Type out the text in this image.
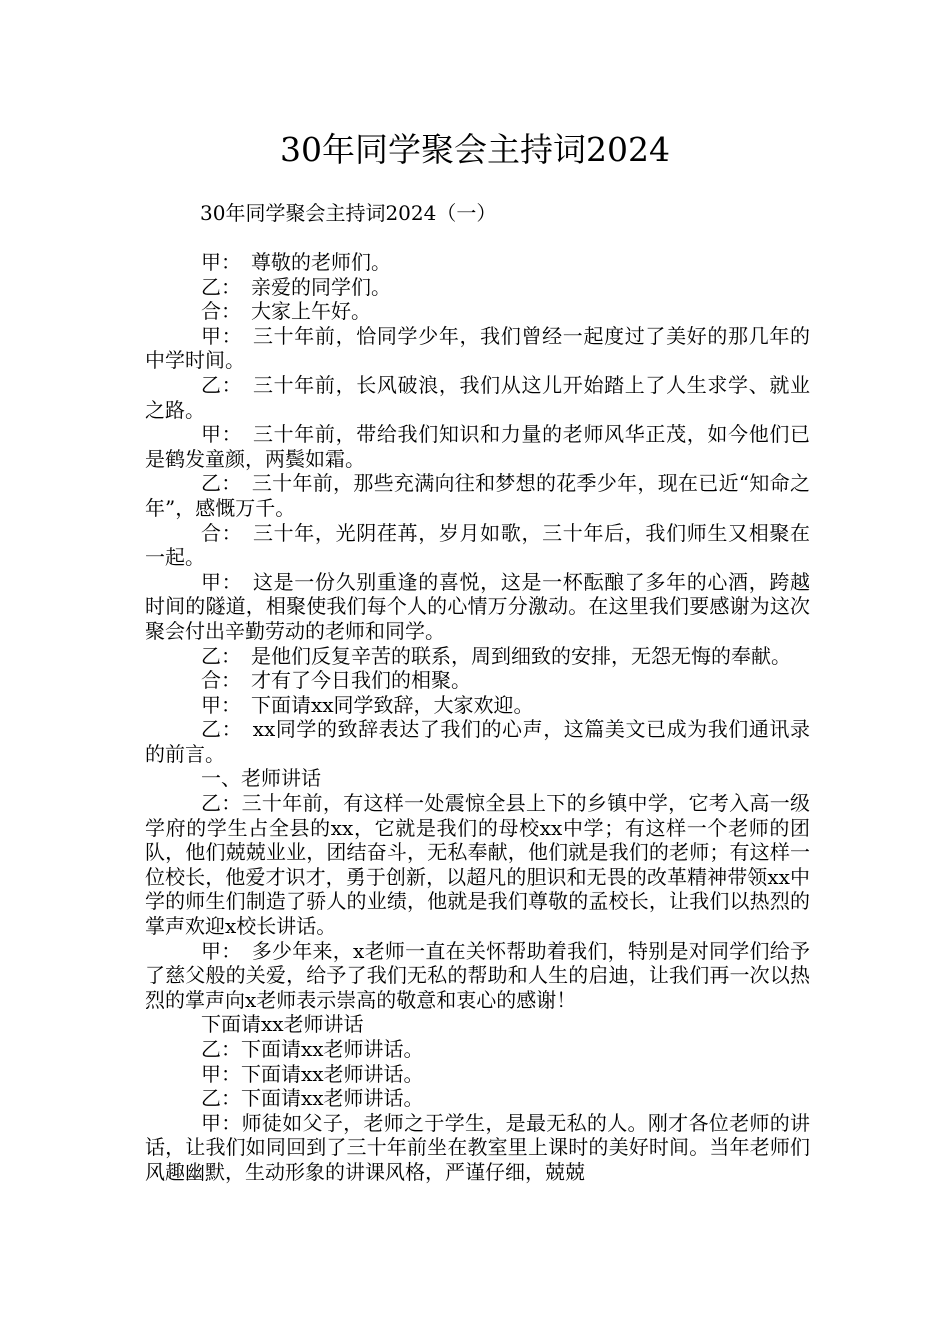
30年同学聚会主持词2024
30年同学聚会主持词2024（一）

甲：　尊敬的老师们。

乙：　亲爱的同学们。

合：　大家上午好。

甲：　三十年前，恰同学少年，我们曾经一起度过了美好的那几年的中学时间。

乙：　三十年前，长风破浪，我们从这儿开始踏上了人生求学、就业之路。

甲：　三十年前，带给我们知识和力量的老师风华正茂，如今他们已是鹤发童颜，两鬓如霜。

乙：　三十年前，那些充满向往和梦想的花季少年，现在已近“知命之年”，感慨万千。

合：　三十年，光阴荏苒，岁月如歌，三十年后，我们师生又相聚在一起。

甲：　这是一份久别重逢的喜悦，这是一杯酝酿了多年的心酒，跨越时间的隧道，相聚使我们每个人的心情万分激动。在这里我们要感谢为这次聚会付出辛勤劳动的老师和同学。

乙：　是他们反复辛苦的联系，周到细致的安排，无怨无悔的奉献。

合：　才有了今日我们的相聚。

甲：　下面请xx同学致辞，大家欢迎。

乙：　xx同学的致辞表达了我们的心声，这篇美文已成为我们通讯录的前言。

一、老师讲话

乙：三十年前，有这样一处震惊全县上下的乡镇中学，它考入高一级学府的学生占全县的xx，它就是我们的母校xx中学；有这样一个老师的团队，他们兢兢业业，团结奋斗，无私奉献，他们就是我们的老师；有这样一位校长，他爱才识才，勇于创新，以超凡的胆识和无畏的改革精神带领xx中学的师生们制造了骄人的业绩，他就是我们尊敬的孟校长，让我们以热烈的掌声欢迎x校长讲话。

甲：　多少年来，x老师一直在关怀帮助着我们，特别是对同学们给予了慈父般的关爱，给予了我们无私的帮助和人生的启迪，让我们再一次以热烈的掌声向x老师表示崇高的敬意和衷心的感谢！

下面请xx老师讲话

乙：下面请xx老师讲话。

甲：下面请xx老师讲话。

乙：下面请xx老师讲话。

甲：师徒如父子，老师之于学生，是最无私的人。刚才各位老师的讲话，让我们如同回到了三十年前坐在教室里上课时的美好时间。当年老师们风趣幽默，生动形象的讲课风格，严谨仔细，兢兢
